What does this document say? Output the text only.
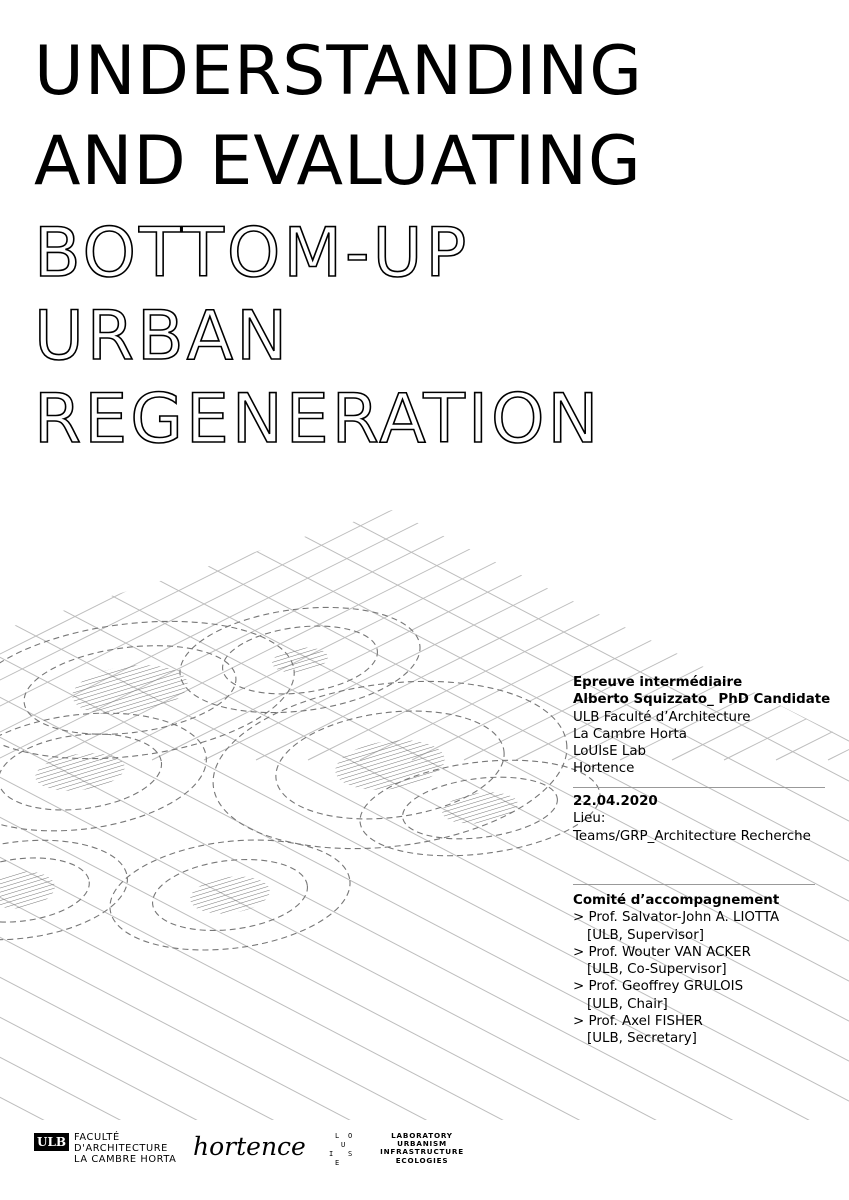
UNDERSTANDING
AND EVALUATING
BOTTOM-UP
URBAN
REGENERATION
Epreuve intermédiaire
Alberto Squizzato_ PhD Candidate
ULB Faculté d’Architecture
La Cambre Horta
LoUIsE Lab
Hortence
22.04.2020
Lieu:
Teams/GRP_Architecture Recherche
Comité d’accompagnement
> Prof. Salvator-John A. LIOTTA
[ULB, Supervisor]
> Prof. Wouter VAN ACKER
[ULB, Co-Supervisor]
> Prof. Geoffrey GRULOIS
[ULB, Chair]
> Prof. Axel FISHER
[ULB, Secretary]
ULB FACULTÉ
D'ARCHITECTURE
LA CAMBRE HORTA hortence	L O
U
I S
E
LABORATORY
URBANISM
INFRASTRUCTURE
ECOLOGIES
